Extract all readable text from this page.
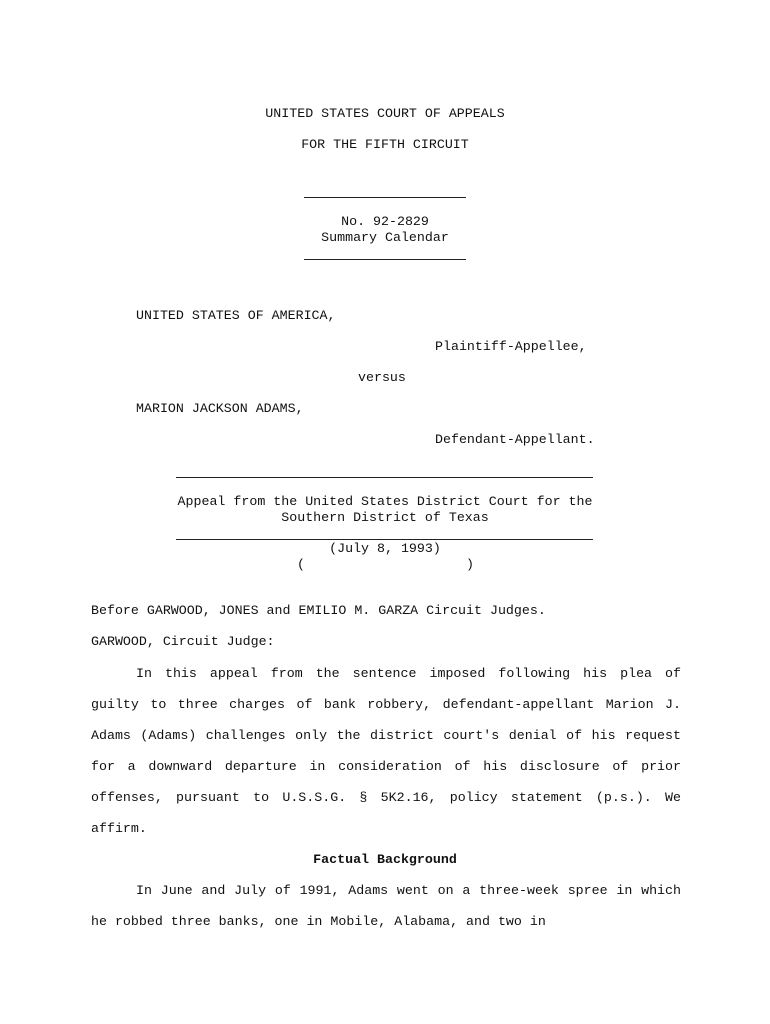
UNITED STATES COURT OF APPEALS
FOR THE FIFTH CIRCUIT
No. 92-2829
Summary Calendar
UNITED STATES OF AMERICA,
Plaintiff-Appellee,
versus
MARION JACKSON ADAMS,
Defendant-Appellant.
Appeal from the United States District Court for the
Southern District of Texas
(July 8, 1993)
(	)
Before GARWOOD, JONES and EMILIO M. GARZA Circuit Judges.
GARWOOD, Circuit Judge:
In this appeal from the sentence imposed following his plea of guilty to three charges of bank robbery, defendant-appellant Marion J. Adams (Adams) challenges only the district court's denial of his request for a downward departure in consideration of his disclosure of prior offenses, pursuant to U.S.S.G. § 5K2.16, policy statement (p.s.). We affirm.
Factual Background
In June and July of 1991, Adams went on a three-week spree in which he robbed three banks, one in Mobile, Alabama, and two in
